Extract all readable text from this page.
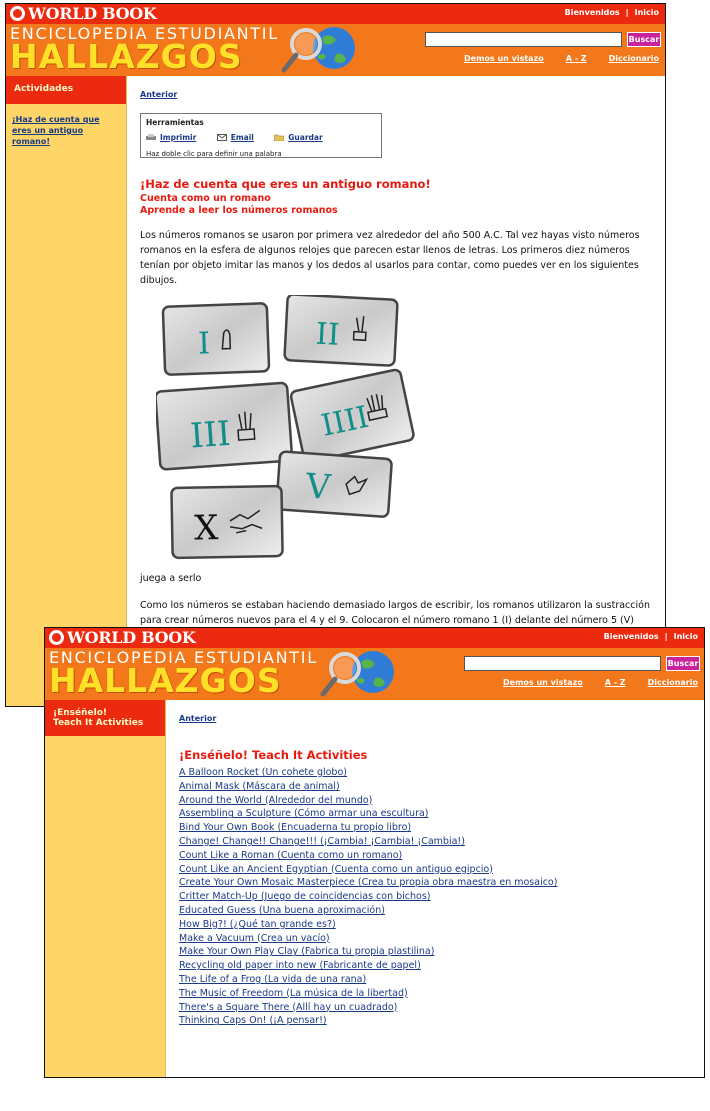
WORLD BOOK	Bienvenidos | Inicio
ENCICLOPEDIA ESTUDIANTIL
HALLAZGOS	Buscar
Demos un vistazo	A - Z	Diccionario
Actividades
¡Haz de cuenta que eres un antiguo romano!
Anterior
Herramientas
Imprimir	Email	Guardar
Haz doble clic para definir una palabra
¡Haz de cuenta que eres un antiguo romano!
Cuenta como un romano
Aprende a leer los números romanos
Los números romanos se usaron por primera vez alrededor del año 500 A.C. Tal vez hayas visto números romanos en la esfera de algunos relojes que parecen estar llenos de letras. Los primeros diez números tenían por objeto imitar las manos y los dedos al usarlos para contar, como puedes ver en los siguientes dibujos.
I	II
III	IIII
V
X
juega a serlo
Como los números se estaban haciendo demasiado largos de escribir, los romanos utilizaron la sustracción para crear números nuevos para el 4 y el 9. Colocaron el número romano 1 (I) delante del número 5 (V)
WORLD BOOK	Bienvenidos | Inicio
ENCICLOPEDIA ESTUDIANTIL
HALLAZGOS	Buscar
Demos un vistazo	A - Z	Diccionario
¡Enséñelo!
Teach It Activities	Anterior
¡Enséñelo! Teach It Activities
A Balloon Rocket (Un cohete globo)
Animal Mask (Máscara de animal)
Around the World (Alrededor del mundo)
Assembling a Sculpture (Cómo armar una escultura)
Bind Your Own Book (Encuaderna tu propio libro)
Change! Change!! Change!!! (¡Cambia! ¡Cambia! ¡Cambia!)
Count Like a Roman (Cuenta como un romano)
Count Like an Ancient Egyptian (Cuenta como un antiguo egipcio)
Create Your Own Mosaic Masterpiece (Crea tu propia obra maestra en mosaico)
Critter Match-Up (Juego de coincidencias con bichos)
Educated Guess (Una buena aproximación)
How Big?! (¿Qué tan grande es?)
Make a Vacuum (Crea un vacío)
Make Your Own Play Clay (Fabrica tu propia plastilina)
Recycling old paper into new (Fabricante de papel)
The Life of a Frog (La vida de una rana)
The Music of Freedom (La música de la libertad)
There's a Square There (Allí hay un cuadrado)
Thinking Caps On! (¡A pensar!)
